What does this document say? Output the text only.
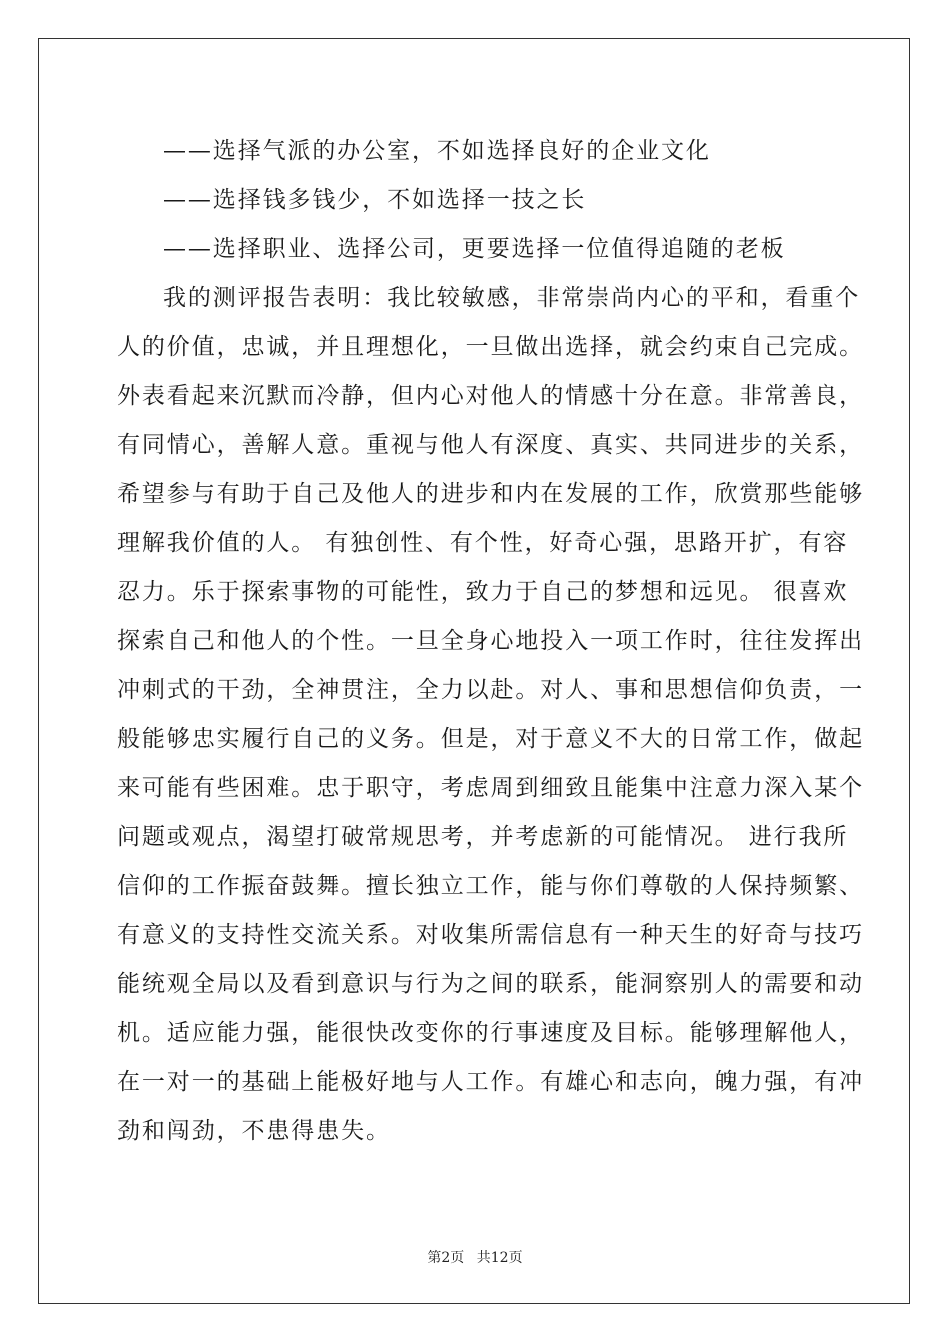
——选择气派的办公室，不如选择良好的企业文化
——选择钱多钱少，不如选择一技之长
——选择职业、选择公司，更要选择一位值得追随的老板
我的测评报告表明：我比较敏感，非常崇尚内心的平和，看重个
人的价值，忠诚，并且理想化，一旦做出选择，就会约束自己完成。
外表看起来沉默而冷静，但内心对他人的情感十分在意。非常善良，
有同情心，善解人意。重视与他人有深度、真实、共同进步的关系，
希望参与有助于自己及他人的进步和内在发展的工作，欣赏那些能够
理解我价值的人。 有独创性、有个性，好奇心强，思路开扩，有容
忍力。乐于探索事物的可能性，致力于自己的梦想和远见。 很喜欢
探索自己和他人的个性。一旦全身心地投入一项工作时，往往发挥出
冲刺式的干劲，全神贯注，全力以赴。对人、事和思想信仰负责，一
般能够忠实履行自己的义务。但是，对于意义不大的日常工作，做起
来可能有些困难。忠于职守，考虑周到细致且能集中注意力深入某个
问题或观点，渴望打破常规思考，并考虑新的可能情况。 进行我所
信仰的工作振奋鼓舞。擅长独立工作，能与你们尊敬的人保持频繁、
有意义的支持性交流关系。对收集所需信息有一种天生的好奇与技巧
能统观全局以及看到意识与行为之间的联系，能洞察别人的需要和动
机。适应能力强，能很快改变你的行事速度及目标。能够理解他人，
在一对一的基础上能极好地与人工作。有雄心和志向，魄力强，有冲
劲和闯劲，不患得患失。
第2页 共12页
